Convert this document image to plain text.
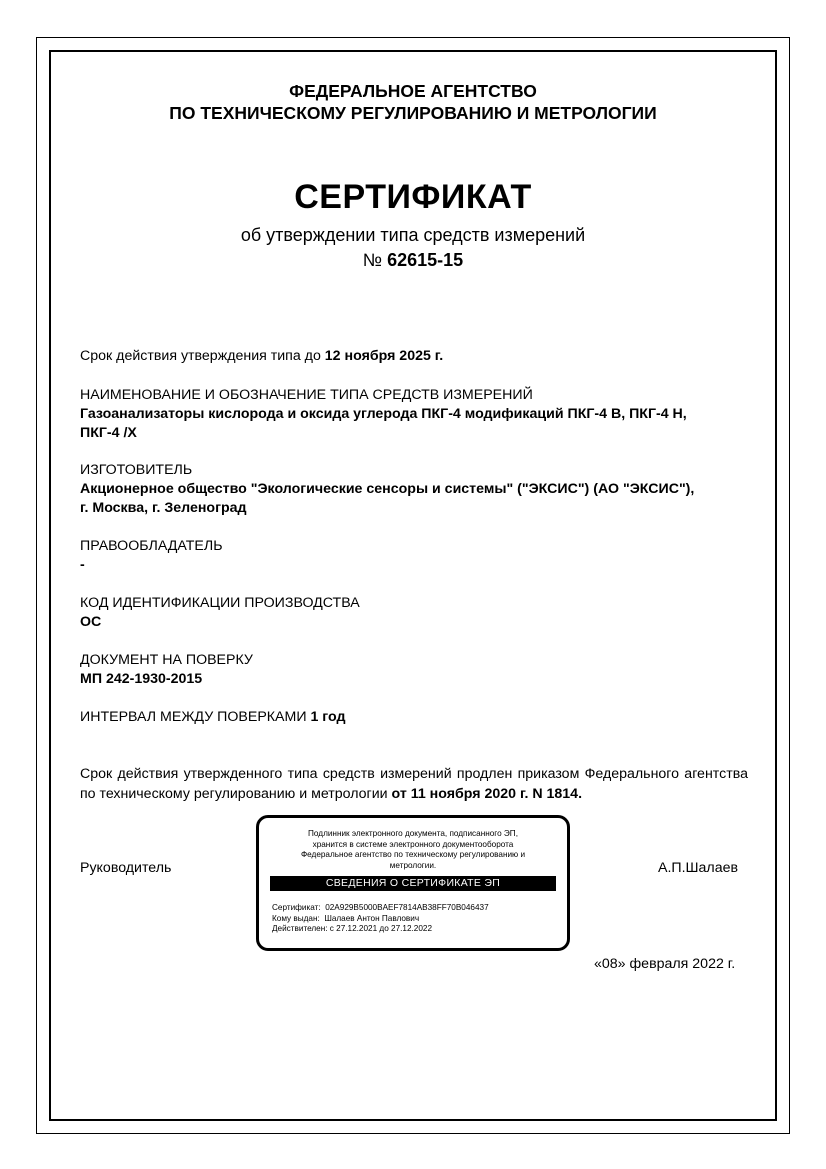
ФЕДЕРАЛЬНОЕ АГЕНТСТВО
ПО ТЕХНИЧЕСКОМУ РЕГУЛИРОВАНИЮ И МЕТРОЛОГИИ
СЕРТИФИКАТ
об утверждении типа средств измерений
№ 62615-15
Срок действия утверждения типа до 12 ноября 2025 г.
НАИМЕНОВАНИЕ И ОБОЗНАЧЕНИЕ ТИПА СРЕДСТВ ИЗМЕРЕНИЙ
Газоанализаторы кислорода и оксида углерода ПКГ-4 модификаций ПКГ-4 В, ПКГ-4 Н,
ПКГ-4 /Х
ИЗГОТОВИТЕЛЬ
Акционерное общество "Экологические сенсоры и системы" ("ЭКСИС") (АО "ЭКСИС"),
г. Москва, г. Зеленоград
ПРАВООБЛАДАТЕЛЬ
-
КОД ИДЕНТИФИКАЦИИ ПРОИЗВОДСТВА
ОС
ДОКУМЕНТ НА ПОВЕРКУ
МП 242-1930-2015
ИНТЕРВАЛ МЕЖДУ ПОВЕРКАМИ 1 год
Срок действия утвержденного типа средств измерений продлен приказом Федерального агентства по техническому регулированию и метрологии от 11 ноября 2020 г. N 1814.
Руководитель	А.П.Шалаев
Подлинник электронного документа, подписанного ЭП,
хранится в системе электронного документооборота
Федеральное агентство по техническому регулированию и
метрологии.
СВЕДЕНИЯ О СЕРТИФИКАТЕ ЭП
Сертификат: 02A929B5000BAEF7814AB38FF70B046437
Кому выдан: Шалаев Антон Павлович
Действителен: с 27.12.2021 до 27.12.2022
«08» февраля 2022 г.
